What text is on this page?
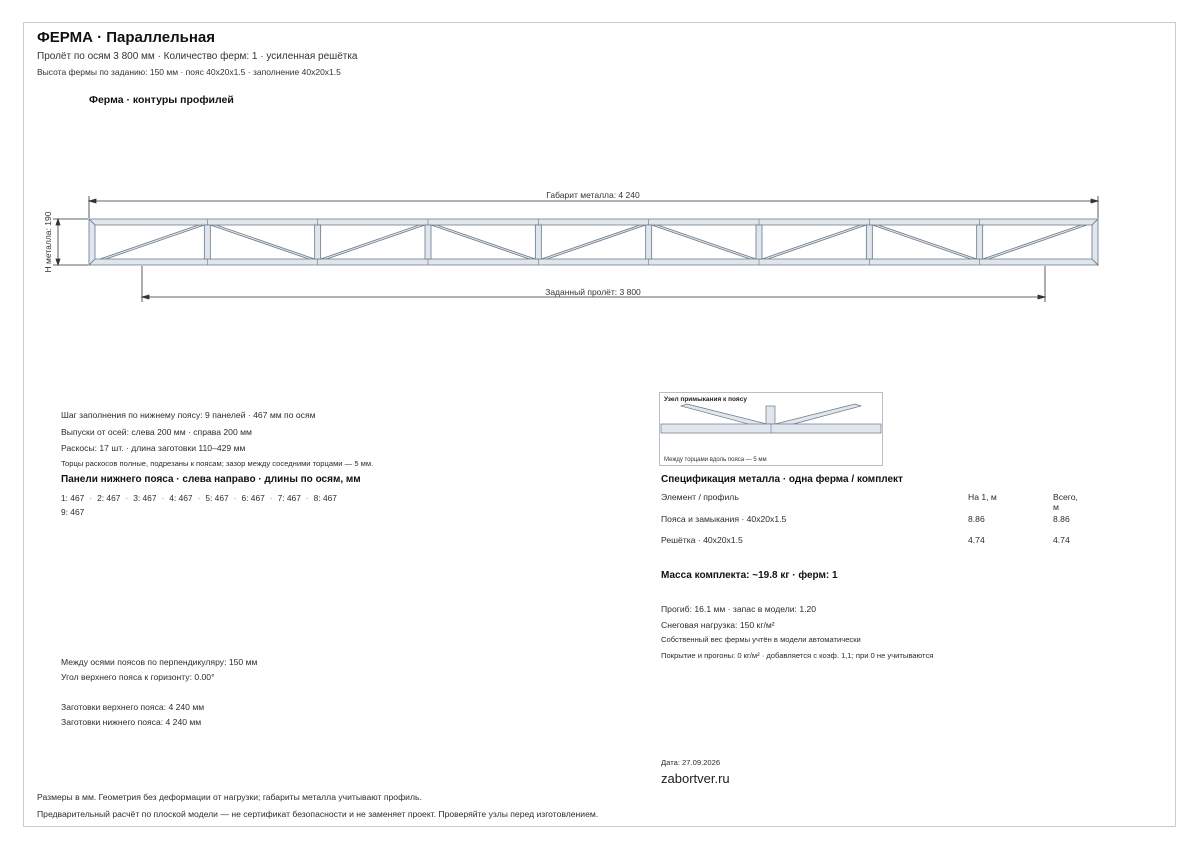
ФЕРМА · Параллельная
Пролёт по осям 3 800 мм · Количество ферм: 1 · усиленная решётка
Высота фермы по заданию: 150 мм · пояс 40x20x1.5 · заполнение 40x20x1.5
Ферма · контуры профилей
Габарит металла: 4 240
Н металла: 190
Заданный пролёт: 3 800
Шаг заполнения по нижнему поясу: 9 панелей · 467 мм по осям
Выпуски от осей: слева 200 мм · справа 200 мм
Раскосы: 17 шт. · длина заготовки 110–429 мм
Торцы раскосов полные, подрезаны к поясам; зазор между соседними торцами — 5 мм.
Панели нижнего пояса · слева направо · длины по осям, мм
1: 467 · 2: 467 · 3: 467 · 4: 467 · 5: 467 · 6: 467 · 7: 467 · 8: 467
9: 467
Между осями поясов по перпендикуляру: 150 мм
Угол верхнего пояса к горизонту: 0.00°
Заготовки верхнего пояса: 4 240 мм
Заготовки нижнего пояса: 4 240 мм
Узел примыкания к поясу
Между торцами вдоль пояса — 5 мм
Спецификация металла · одна ферма / комплект
Элемент / профиль	На 1, м	Всего, м
Пояса и замыкания · 40x20x1.5	8.86	8.86
Решётка · 40x20x1.5	4.74	4.74
Масса комплекта: ~19.8 кг · ферм: 1
Прогиб: 16.1 мм · запас в модели: 1.20
Снеговая нагрузка: 150 кг/м²
Собственный вес фермы учтён в модели автоматически
Покрытие и прогоны: 0 кг/м² · добавляется с коэф. 1,1; при 0 не учитываются
Дата: 27.09.2026
zabortver.ru
Размеры в мм. Геометрия без деформации от нагрузки; габариты металла учитывают профиль.
Предварительный расчёт по плоской модели — не сертификат безопасности и не заменяет проект. Проверяйте узлы перед изготовлением.
